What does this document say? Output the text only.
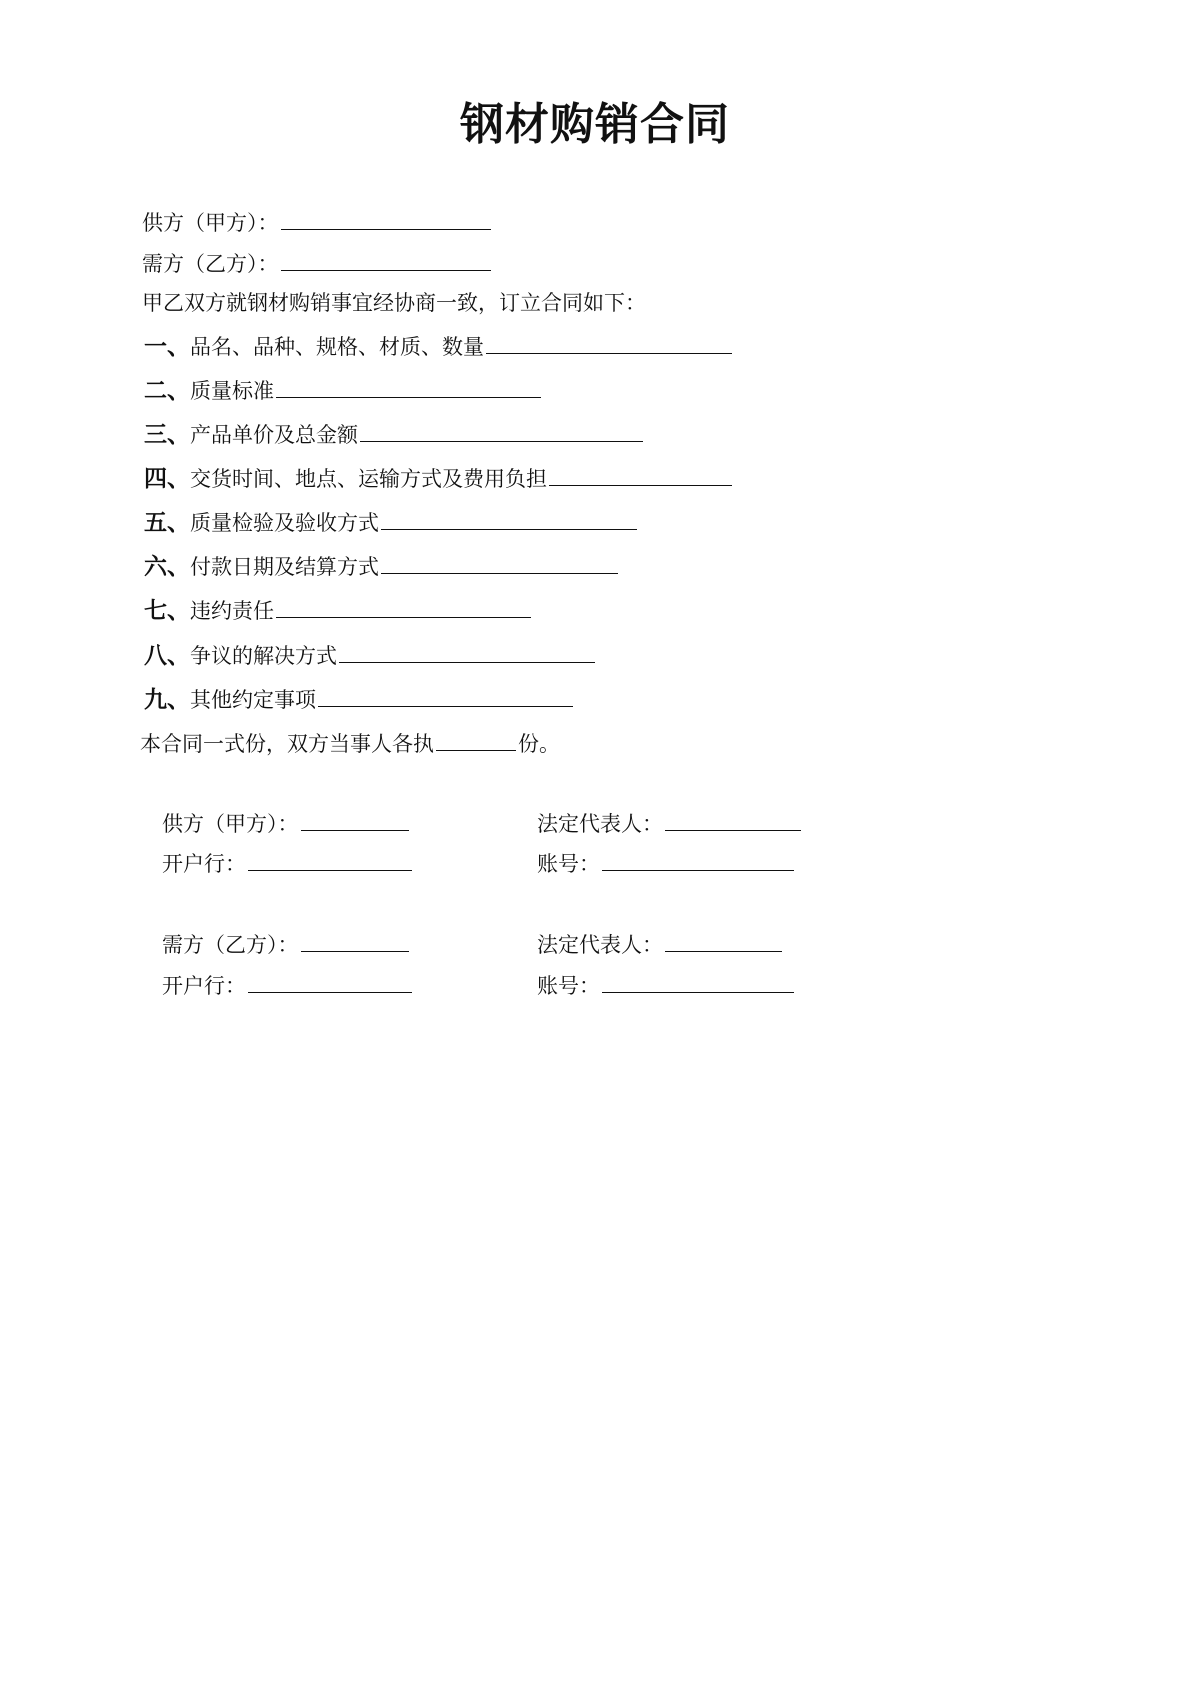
钢材购销合同
供方（甲方）：
需方（乙方）：
甲乙双方就钢材购销事宜经协商一致，订立合同如下：
一、 品名、品种、规格、材质、数量
二、 质量标准
三、 产品单价及总金额
四、 交货时间、地点、运输方式及费用负担
五、 质量检验及验收方式
六、 付款日期及结算方式
七、 违约责任
八、 争议的解决方式
九、 其他约定事项
本合同一式份，双方当事人各执	份。
供方（甲方）：	法定代表人：
开户行：	账号：
需方（乙方）：	法定代表人：
开户行：	账号：
